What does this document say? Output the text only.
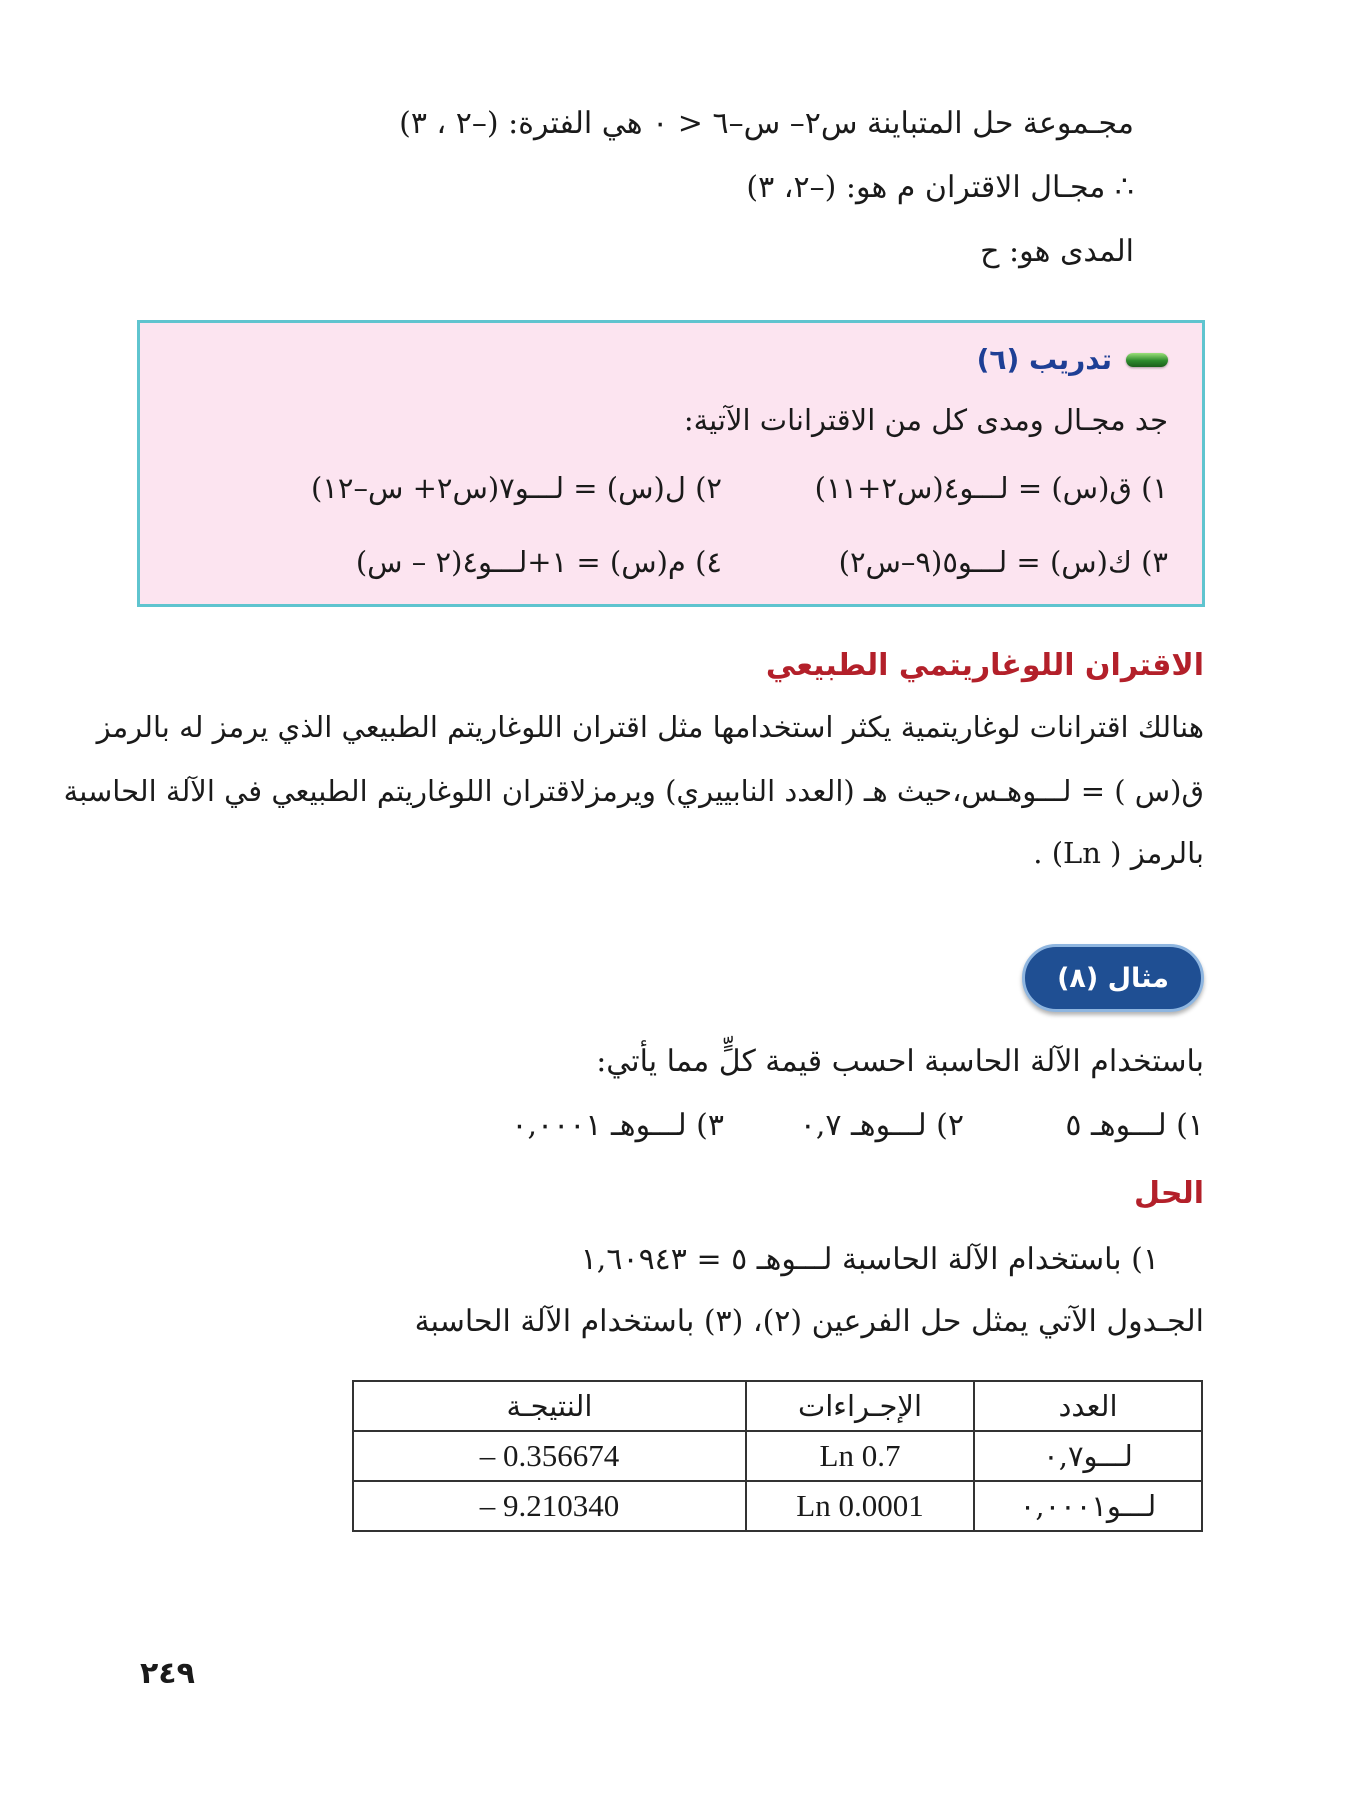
مجـموعة حل المتباينة س٢– س–٦ < ٠ هي الفترة: (–٢ ، ٣)
∴ مجـال الاقتران م هو: (–٢، ٣)
المدى هو: ح
تدريب (٦)
جد مجـال ومدى كل من الاقترانات الآتية:
١) ق(س) = لـــو٤(س٢+١١)
٢) ل(س) = لـــو٧(س٢+ س–١٢)
٣) ك(س) = لـــو٥(٩–س٢)
٤) م(س) = ١+لـــو٤(٢ – س)
الاقتران اللوغاريتمي الطبيعي
هنالك اقترانات لوغاريتمية يكثر استخدامها مثل اقتران اللوغاريتم الطبيعي الذي يرمز له بالرمز
ق(س ) = لـــوهـس،حيث هـ (العدد النابييري) ويرمزلاقتران اللوغاريتم الطبيعي في الآلة الحاسبة
بالرمز ( Ln) .
مثال (٨)
باستخدام الآلة الحاسبة احسب قيمة كلٍّ مما يأتي:
١) لـــوهـ ٥
٢) لـــوهـ ٠,٧
٣) لـــوهـ ٠,٠٠٠١
الحل
١) باستخدام الآلة الحاسبة لـــوهـ ٥ = ١,٦٠٩٤٣
الجـدول الآتي يمثل حل الفرعين (٢)، (٣) باستخدام الآلة الحاسبة
العدد	الإجـراءات	النتيجـة
لـــو٠,٧	Ln 0.7	– 0.356674
لـــو٠,٠٠٠١	Ln 0.0001	– 9.210340
٢٤٩
